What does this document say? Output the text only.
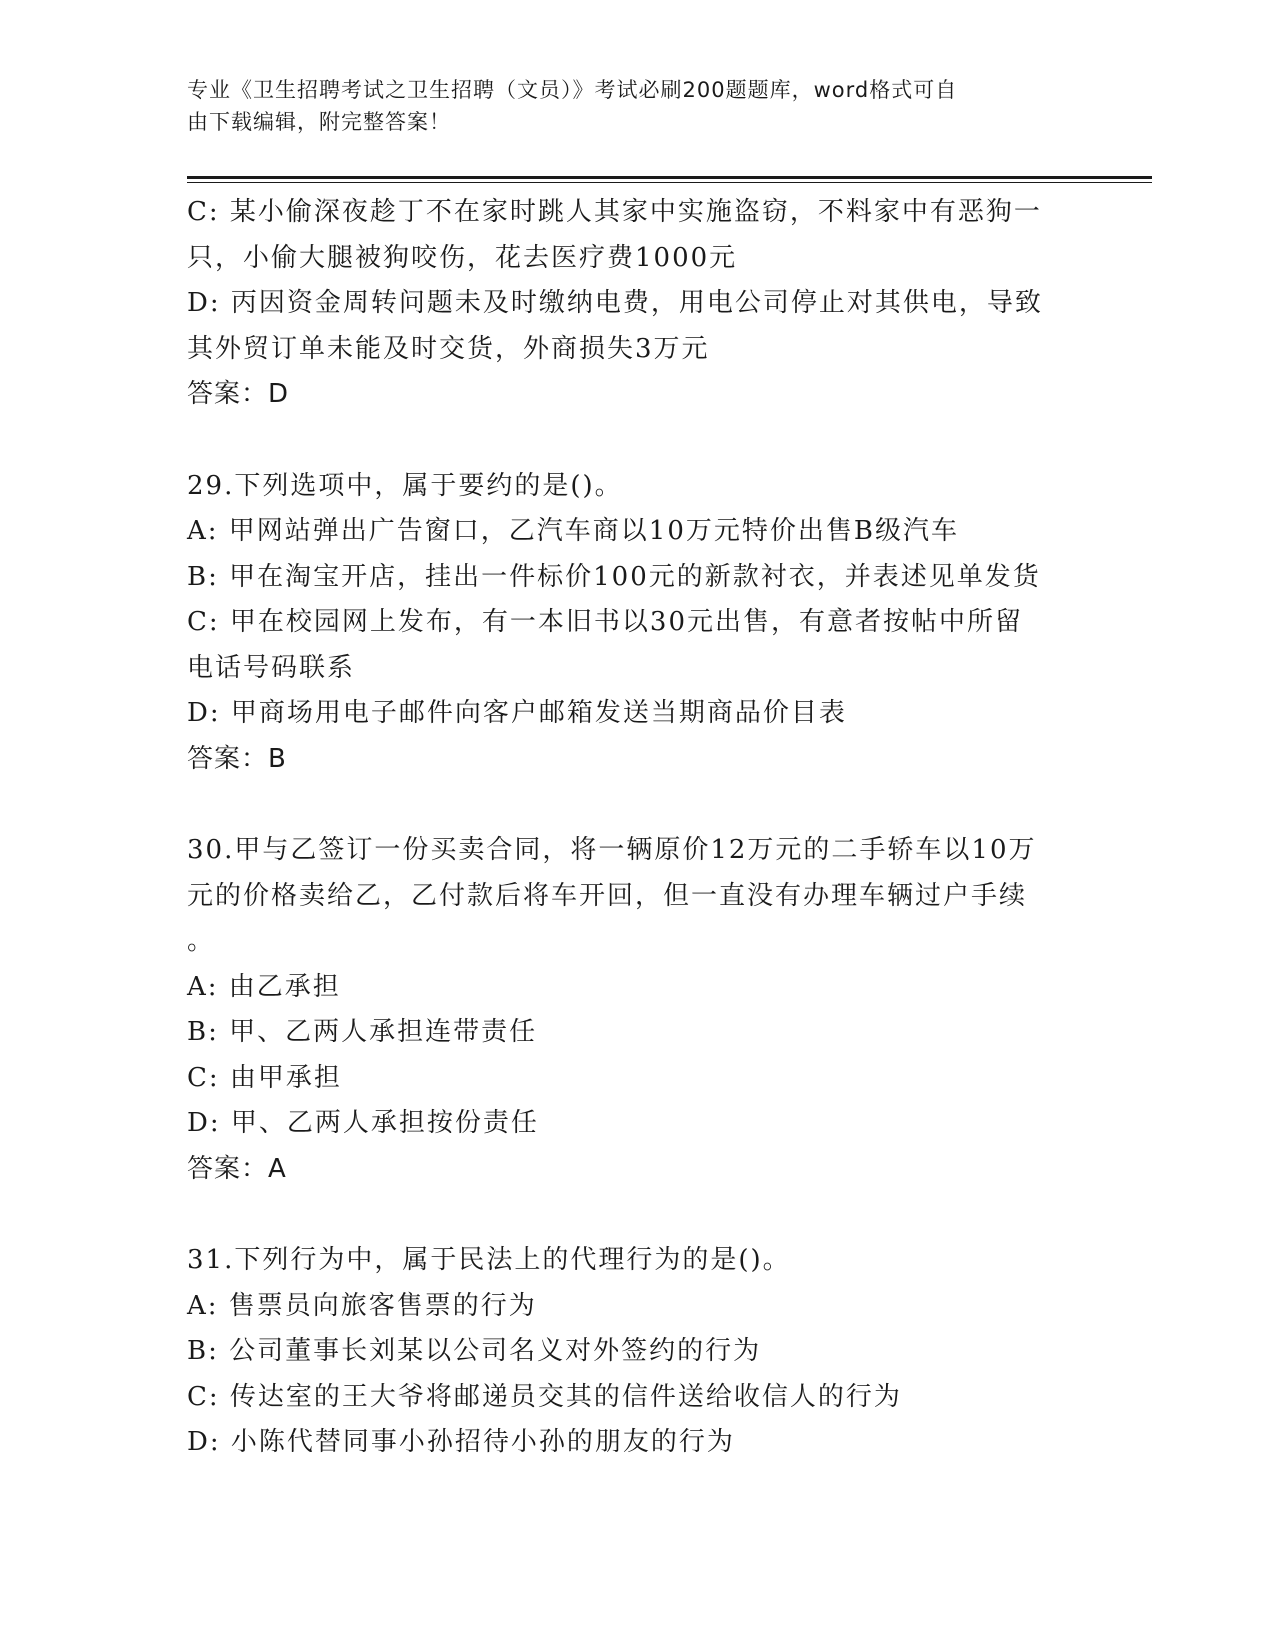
专业《卫生招聘考试之卫生招聘（文员）》考试必刷200题题库，word格式可自
由下载编辑，附完整答案！

C: 某小偷深夜趁丁不在家时跳人其家中实施盗窃，不料家中有恶狗一

只，小偷大腿被狗咬伤，花去医疗费1000元

D: 丙因资金周转问题未及时缴纳电费，用电公司停止对其供电，导致

其外贸订单未能及时交货，外商损失3万元

答案：D

29.下列选项中，属于要约的是()。

A: 甲网站弹出广告窗口，乙汽车商以10万元特价出售B级汽车

B: 甲在淘宝开店，挂出一件标价100元的新款衬衣，并表述见单发货

C: 甲在校园网上发布，有一本旧书以30元出售，有意者按帖中所留

电话号码联系

D: 甲商场用电子邮件向客户邮箱发送当期商品价目表

答案：B

30.甲与乙签订一份买卖合同，将一辆原价12万元的二手轿车以10万

元的价格卖给乙，乙付款后将车开回，但一直没有办理车辆过户手续

。

A: 由乙承担

B: 甲、乙两人承担连带责任

C: 由甲承担

D: 甲、乙两人承担按份责任

答案：A

31.下列行为中，属于民法上的代理行为的是()。

A: 售票员向旅客售票的行为

B: 公司董事长刘某以公司名义对外签约的行为

C: 传达室的王大爷将邮递员交其的信件送给收信人的行为

D: 小陈代替同事小孙招待小孙的朋友的行为
